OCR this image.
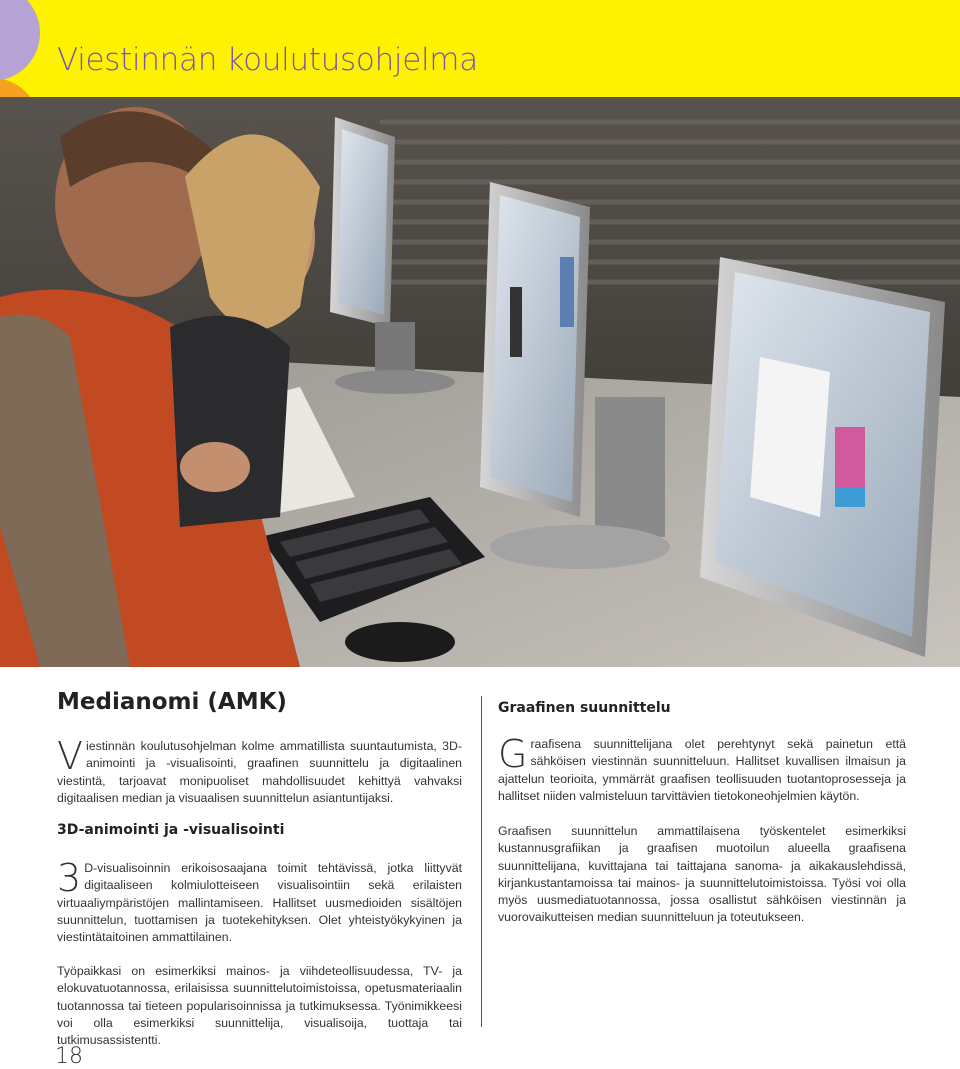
Viestinnän koulutusohjelma
Medianomi (AMK)

Viestinnän koulutusohjelman kolme ammatillista suuntautumista, 3D-animointi ja -visualisointi, graafinen suunnittelu ja digitaalinen viestintä, tarjoavat monipuoliset mahdollisuudet kehittyä vahvaksi digitaalisen median ja visuaalisen suunnittelun asiantuntijaksi.

3D-animointi ja -visualisointi

3 D-visualisoinnin erikoisosaajana toimit tehtävissä, jotka liittyvät digitaaliseen kolmiulotteiseen visualisointiin sekä erilaisten virtuaaliympäristöjen mallintamiseen. Hallitset uusmedioiden sisältöjen suunnittelun, tuottamisen ja tuotekehityksen. Olet yhteistyökykyinen ja viestintätaitoinen ammattilainen.

Työpaikkasi on esimerkiksi mainos- ja viihdeteollisuudessa, TV- ja elokuvatuotannossa, erilaisissa suunnittelutoimistoissa, opetusmateriaalin tuotannossa tai tieteen popularisoinnissa ja tutkimuksessa. Työnimikkeesi voi olla esimerkiksi suunnittelija, visualisoija, tuottaja tai tutkimusassistentti.

Graafinen suunnittelu

Graafisena suunnittelijana olet perehtynyt sekä painetun että sähköisen viestinnän suunnitteluun. Hallitset kuvallisen ilmaisun ja ajattelun teorioita, ymmärrät graafisen teollisuuden tuotantoprosesseja ja hallitset niiden valmisteluun tarvittävien tietokoneohjelmien käytön.

Graafisen suunnittelun ammattilaisena työskentelet esimerkiksi kustannusgrafiikan ja graafisen muotoilun alueella graafisena suunnittelijana, kuvittajana tai taittajana sanoma- ja aikakauslehdissä, kirjankustantamoissa tai mainos- ja suunnittelutoimistoissa. Työsi voi olla myös uusmediatuotannossa, jossa osallistut sähköisen viestinnän ja vuorovaikutteisen median suunnitteluun ja toteutukseen.

18
